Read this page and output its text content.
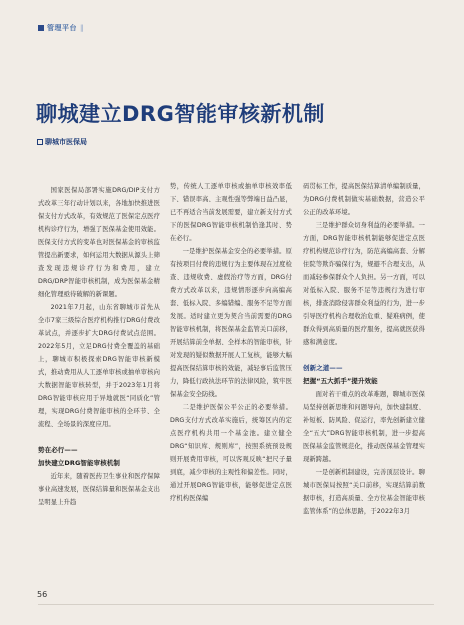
管理平台 ||
聊城建立DRG智能审核新机制
聊城市医保局

国家医保局部署实施DRG/DIP支付方式改革三年行动计划以来，各地加快推进医保支付方式改革，有效规范了医保定点医疗机构诊疗行为，增强了医保基金使用效能。医保支付方式的变革也对医保基金的审核监管提出新要求，如何运用大数据从源头上筛查发现违规诊疗行为和费用，建立DRG/DRP智能审核机制，成为医保基金精细化管理亟待破解的新课题。

2021年7月起，山东省聊城市首先从全市7家三级综合医疗机构推行DRG付费改革试点，并逐步扩大DRG付费试点范围。2022年5月，立足DRG付费全覆盖的基础上，聊城市积极探索DRG智能审核新模式，推动费用从人工逐单审核或抽单审核向大数据智能审核转型，并于2023年1月将DRG智能审核应用于异地就医“同质化”管理，实现DRG付费智能审核的全环节、全流程、全场景的深度应用。

势在必行——

加快建立DRG智能审核机制

近年来，随着医药卫生事业和医疗保障事业高速发展，医保结算量和医保基金支出呈明显上升趋

势，传统人工逐单审核或抽单审核效率低下、错误率高、主观性强等弊端日益凸显，已不再适合当前发展需要，建立新支付方式下的医保DRG智能审核机制恰逢其时、势在必行。

一是维护医保基金安全的必要举措。原有按项目付费的违规行为主要体现在过度检查、违规收费、虚假治疗等方面，DRG付费方式改革以来，违规情形逐步向高编高套、低标入院、多编错编、服务不足等方面发展。适时建立更为契合当前需要的DRG智能审核机制，将医保基金监管关口前移，开展结算前全单据、全样本的智能审核，针对发现的疑似数据开展人工复核，能够大幅提高医保结算审核的效能，减轻事后监管压力，降低行政执法环节的法律风险，筑牢医保基金安全防线。

二是维护医保公平公正的必要举措。DRG支付方式改革实施后，统筹区内的定点医疗机构共用一个基金池。建立健全DRG“知识库、规则库”，按照系统预设规则开展费用审核，可以客观反映“把尺子量到底，减少审核的主观性和偏差性。同时，通过开展DRG智能审核，能够促进定点医疗机构医保编

码贯标工作，提高医保结算清单编制质量，为DRG付费机制做实基础数据，营造公平公正的改革环境。

三是维护群众切身利益的必要举措。一方面，DRG智能审核机制能够促进定点医疗机构规范诊疗行为，防范高编高套、分解住院等欺诈骗保行为，规避不合理支出，从而减轻参保群众个人负担。另一方面，可以对低标入院、服务不足等违规行为进行审核，排查消除侵害群众利益的行为，进一步引导医疗机构合理收治危重、疑难病例，使群众得到高质量的医疗服务，提高就医获得感和满意度。

创新之道——

把握“五大抓手”提升效能

面对若干重点的改革难题，聊城市医保局坚持创新思维和问题导向，加快建制度、补短板、防风险、促运行，率先创新建立健全“五大”DRG智能审核机制，进一步提高医保基金监管规范化，推动医保基金管理实现新跨越。

一是创新机制建设，完善顶层设计。聊城市医保局按照“关口前移，实现结算前数据审核，打造高质量、全方位基金智能审核监管体系”的总体思路，于2022年3月

56
